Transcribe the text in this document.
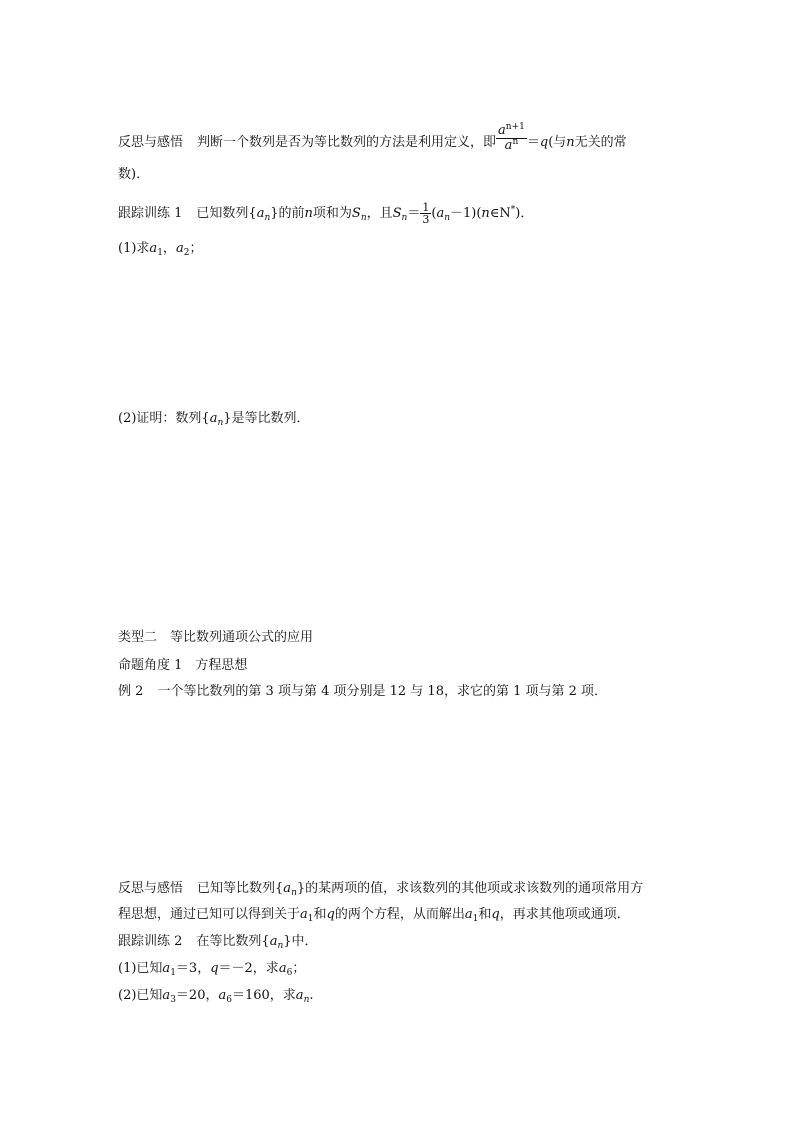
反思与感悟 判断一个数列是否为等比数列的方法是利用定义，即 $\frac{a^{n+1}}{a^n} =q$(与n无关的常
数)．
跟踪训练 1 已知数列$\{a_n\}$的前n项和为$S_n$，且$S_n= \frac{1}{3}$ $(a_n-1)(n\in N^*)$．
(1)求$a_1$，$a_2$；
(2)证明：数列$\{a_n\}$是等比数列．
类型二　等比数列通项公式的应用
命题角度 1　方程思想
例 2 一个等比数列的第 3 项与第 4 项分别是 12 与 18，求它的第 1 项与第 2 项．
反思与感悟 已知等比数列$\{a_n\}$的某两项的值，求该数列的其他项或求该数列的通项常用方
程思想，通过已知可以得到关于$a_1$和q的两个方程，从而解出$a_1$和q，再求其他项或通项．
跟踪训练 2 在等比数列$\{a_n\}$中．
(1)已知$a_1=3$，q＝－2，求$a_6$；
(2)已知$a_3=20$，$a_6=160$，求$a_n$.
